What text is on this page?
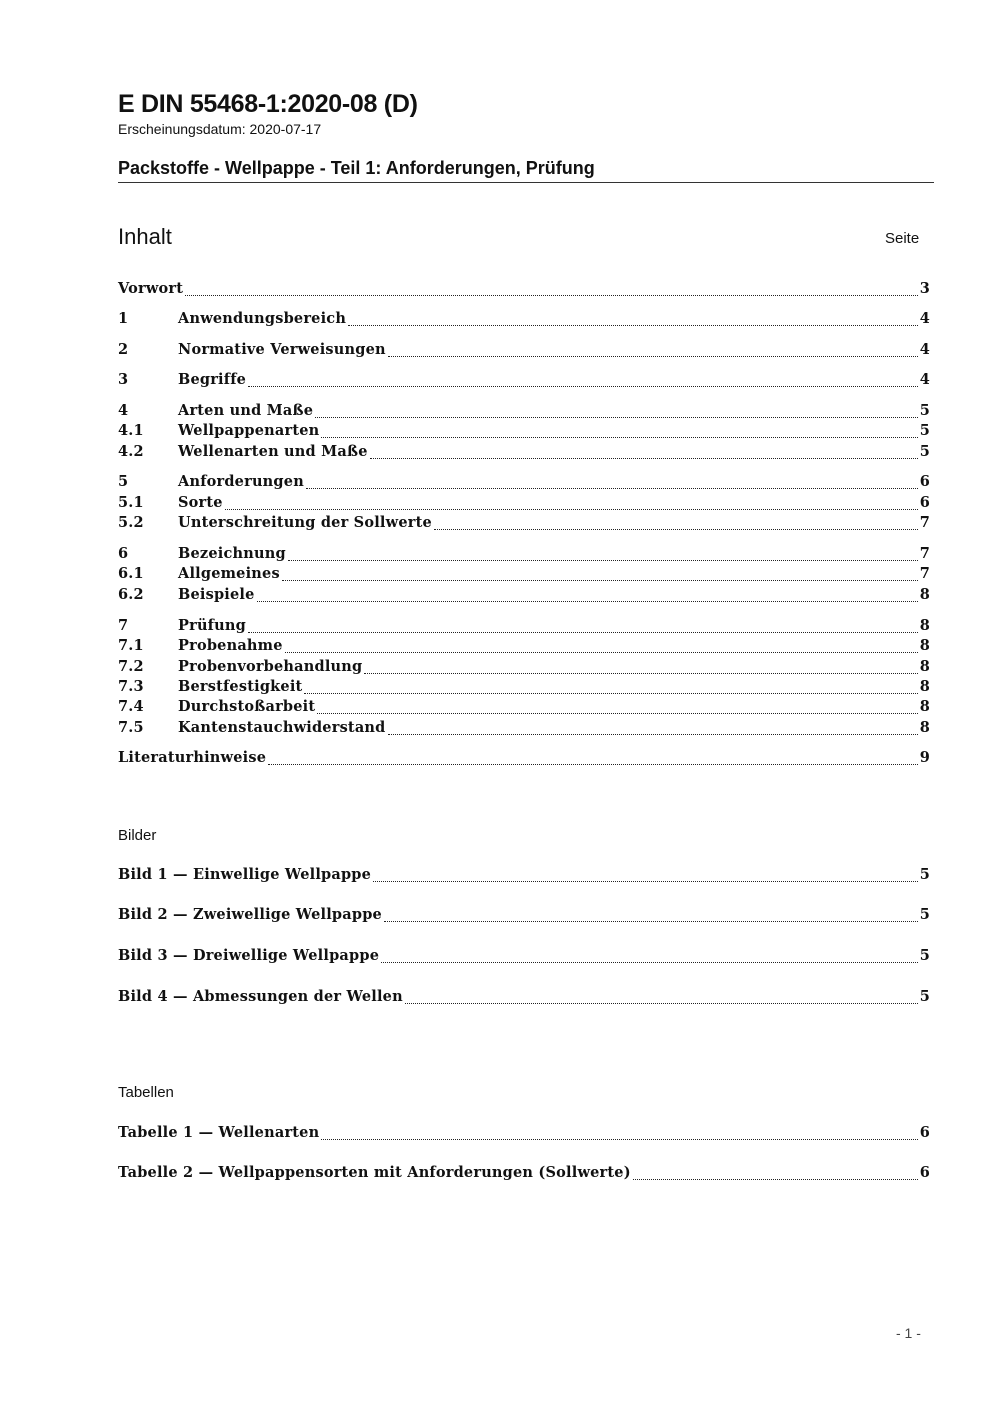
E DIN 55468-1:2020-08 (D)
Erscheinungsdatum: 2020-07-17
Packstoffe - Wellpappe - Teil 1: Anforderungen, Prüfung
Inhalt	Seite
Vorwort	3
1	Anwendungsbereich	4
2	Normative Verweisungen	4
3	Begriffe	4
4	Arten und Maße	5
4.1	Wellpappenarten	5
4.2	Wellenarten und Maße	5
5	Anforderungen	6
5.1	Sorte	6
5.2	Unterschreitung der Sollwerte	7
6	Bezeichnung	7
6.1	Allgemeines	7
6.2	Beispiele	8
7	Prüfung	8
7.1	Probenahme	8
7.2	Probenvorbehandlung	8
7.3	Berstfestigkeit	8
7.4	Durchstoßarbeit	8
7.5	Kantenstauchwiderstand	8
Literaturhinweise	9
Bilder
Bild 1 — Einwellige Wellpappe	5
Bild 2 — Zweiwellige Wellpappe	5
Bild 3 — Dreiwellige Wellpappe	5
Bild 4 — Abmessungen der Wellen	5
Tabellen
Tabelle 1 — Wellenarten	6
Tabelle 2 — Wellpappensorten mit Anforderungen (Sollwerte)	6
- 1 -
